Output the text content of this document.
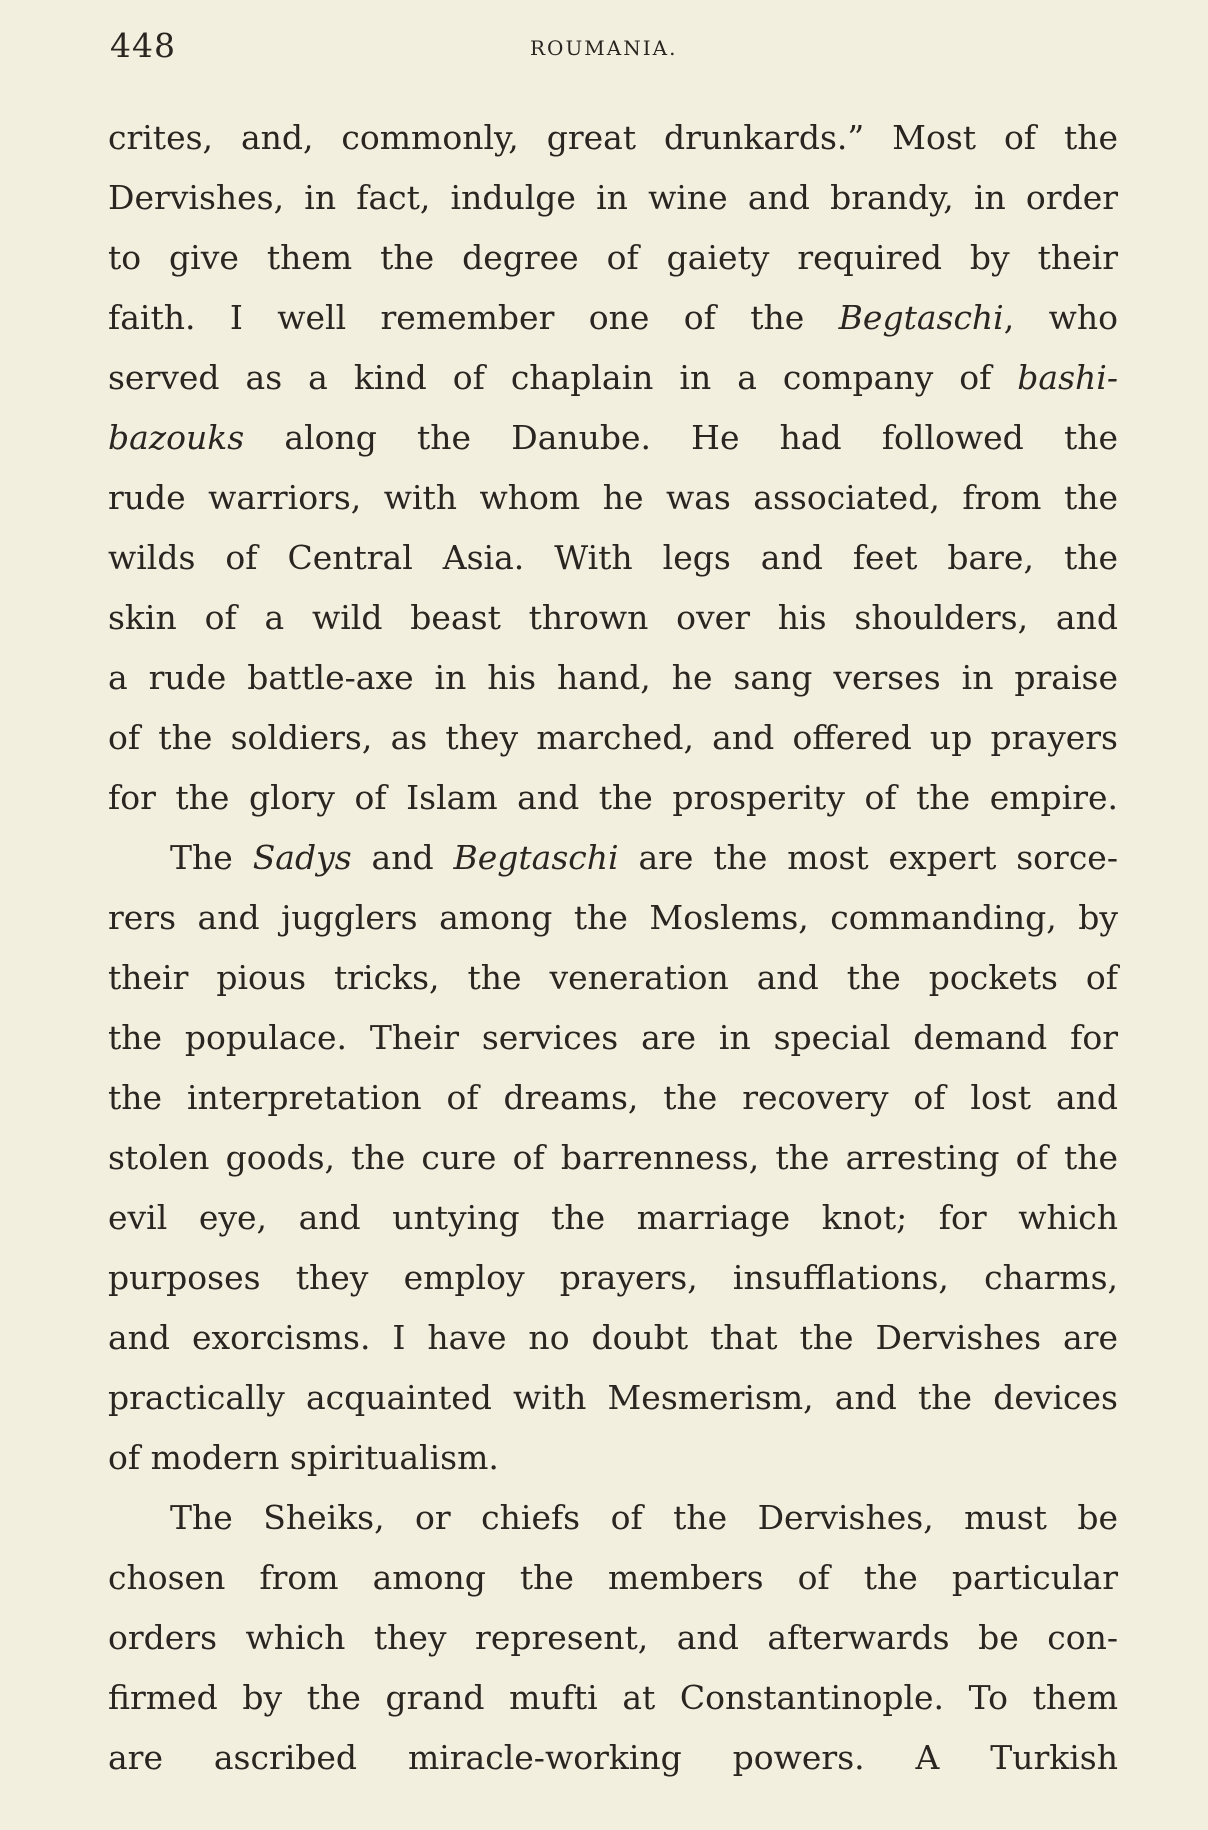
448	ROUMANIA.
crites, and, commonly, great drunkards.” Most of the
Dervishes, in fact, indulge in wine and brandy, in order
to give them the degree of gaiety required by their
faith. I well remember one of the Begtaschi, who
served as a kind of chaplain in a company of bashi-
bazouks along the Danube. He had followed the
rude warriors, with whom he was associated, from the
wilds of Central Asia. With legs and feet bare, the
skin of a wild beast thrown over his shoulders, and
a rude battle-axe in his hand, he sang verses in praise
of the soldiers, as they marched, and offered up prayers
for the glory of Islam and the prosperity of the empire.
The Sadys and Begtaschi are the most expert sorce-
rers and jugglers among the Moslems, commanding, by
their pious tricks, the veneration and the pockets of
the populace. Their services are in special demand for
the interpretation of dreams, the recovery of lost and
stolen goods, the cure of barrenness, the arresting of the
evil eye, and untying the marriage knot; for which
purposes they employ prayers, insufflations, charms,
and exorcisms. I have no doubt that the Dervishes are
practically acquainted with Mesmerism, and the devices
of modern spiritualism.
The Sheiks, or chiefs of the Dervishes, must be
chosen from among the members of the particular
orders which they represent, and afterwards be con-
firmed by the grand mufti at Constantinople. To them
are ascribed miracle-working powers. A Turkish
